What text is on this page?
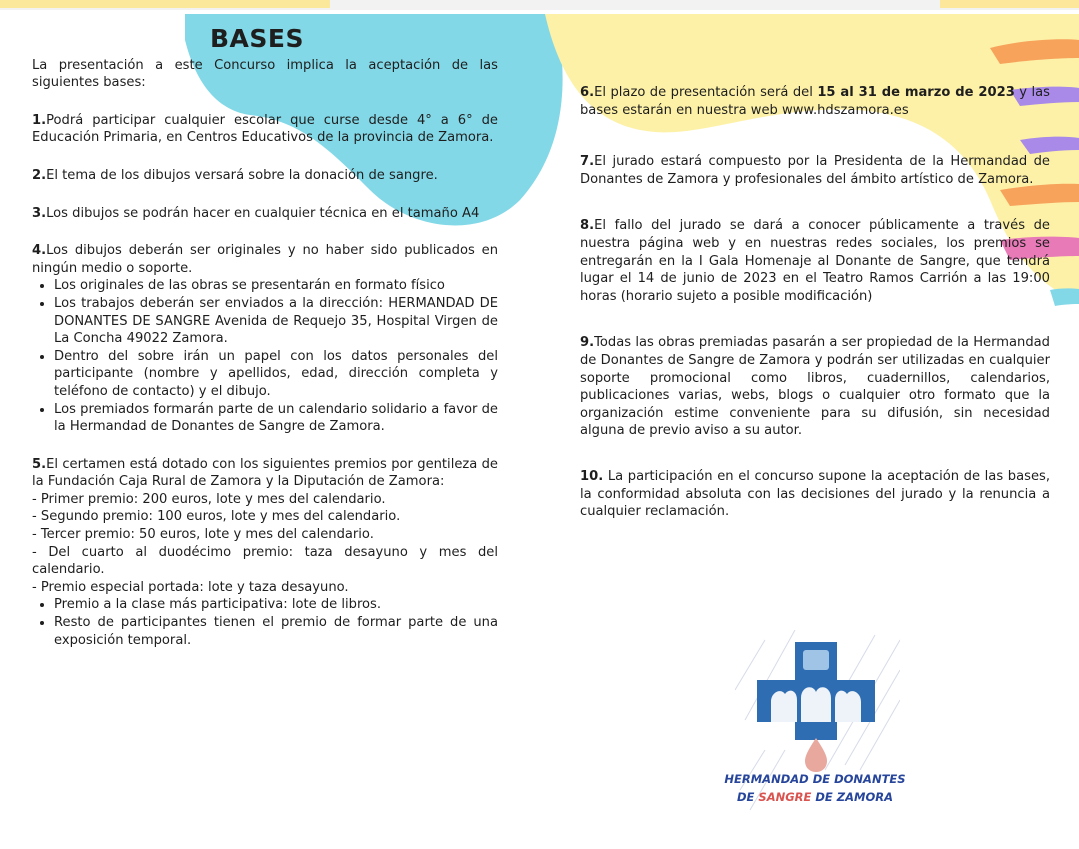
BASES

La presentación a este Concurso implica la aceptación de las siguientes bases:

1.Podrá participar cualquier escolar que curse desde 4° a 6° de Educación Primaria, en Centros Educativos de la provincia de Zamora.

2.El tema de los dibujos versará sobre la donación de sangre.

3.Los dibujos se podrán hacer en cualquier técnica en el tamaño A4

4.Los dibujos deberán ser originales y no haber sido publicados en ningún medio o soporte.

• Los originales de las obras se presentarán en formato físico
• Los trabajos deberán ser enviados a la dirección: HERMANDAD DE DONANTES DE SANGRE Avenida de Requejo 35, Hospital Virgen de La Concha 49022 Zamora.
• Dentro del sobre irán un papel con los datos personales del participante (nombre y apellidos, edad, dirección completa y teléfono de contacto) y el dibujo.
• Los premiados formarán parte de un calendario solidario a favor de la Hermandad de Donantes de Sangre de Zamora.

5.El certamen está dotado con los siguientes premios por gentileza de la Fundación Caja Rural de Zamora y la Diputación de Zamora:

- Primer premio: 200 euros, lote y mes del calendario.

- Segundo premio: 100 euros, lote y mes del calendario.

- Tercer premio: 50 euros, lote y mes del calendario.

- Del cuarto al duodécimo premio: taza desayuno y mes del calendario.

- Premio especial portada: lote y taza desayuno.

• Premio a la clase más participativa: lote de libros.
• Resto de participantes tienen el premio de formar parte de una exposición temporal.

6.El plazo de presentación será del 15 al 31 de marzo de 2023 y las bases estarán en nuestra web www.hdszamora.es

7.El jurado estará compuesto por la Presidenta de la Hermandad de Donantes de Zamora y profesionales del ámbito artístico de Zamora.

8.El fallo del jurado se dará a conocer públicamente a través de nuestra página web y en nuestras redes sociales, los premios se entregarán en la I Gala Homenaje al Donante de Sangre, que tendrá lugar el 14 de junio de 2023 en el Teatro Ramos Carrión a las 19:00 horas (horario sujeto a posible modificación)

9.Todas las obras premiadas pasarán a ser propiedad de la Hermandad de Donantes de Sangre de Zamora y podrán ser utilizadas en cualquier soporte promocional como libros, cuadernillos, calendarios, publicaciones varias, webs, blogs o cualquier otro formato que la organización estime conveniente para su difusión, sin necesidad alguna de previo aviso a su autor.

10. La participación en el concurso supone la aceptación de las bases, la conformidad absoluta con las decisiones del jurado y la renuncia a cualquier reclamación.

HERMANDAD DE DONANTES
DE SANGRE DE ZAMORA
